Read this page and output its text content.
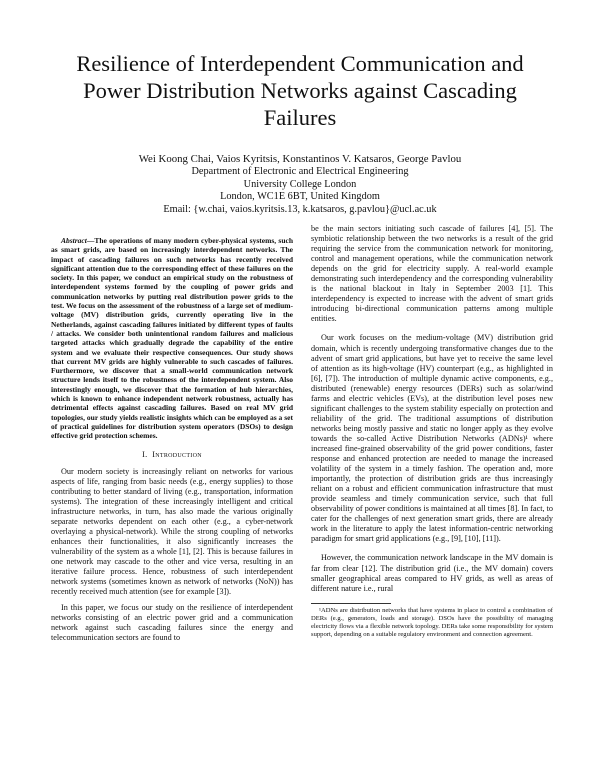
Resilience of Interdependent Communication and
Power Distribution Networks against Cascading
Failures
Wei Koong Chai, Vaios Kyritsis, Konstantinos V. Katsaros, George Pavlou
Department of Electronic and Electrical Engineering
University College London
London, WC1E 6BT, United Kingdom
Email: {w.chai, vaios.kyritsis.13, k.katsaros, g.pavlou}@ucl.ac.uk

Abstract—The operations of many modern cyber-physical systems, such as smart grids, are based on increasingly interdependent networks. The impact of cascading failures on such networks has recently received significant attention due to the corresponding effect of these failures on the society. In this paper, we conduct an empirical study on the robustness of interdependent systems formed by the coupling of power grids and communication networks by putting real distribution power grids to the test. We focus on the assessment of the robustness of a large set of medium-voltage (MV) distribution grids, currently operating live in the Netherlands, against cascading failures initiated by different types of faults / attacks. We consider both unintentional random failures and malicious targeted attacks which gradually degrade the capability of the entire system and we evaluate their respective consequences. Our study shows that current MV grids are highly vulnerable to such cascades of failures. Furthermore, we discover that a small-world communication network structure lends itself to the robustness of the interdependent system. Also interestingly enough, we discover that the formation of hub hierarchies, which is known to enhance independent network robustness, actually has detrimental effects against cascading failures. Based on real MV grid topologies, our study yields realistic insights which can be employed as a set of practical guidelines for distribution system operators (DSOs) to design effective grid protection schemes.

I. Introduction

Our modern society is increasingly reliant on networks for various aspects of life, ranging from basic needs (e.g., energy supplies) to those contributing to better standard of living (e.g., transportation, information systems). The integration of these increasingly intelligent and critical infrastructure networks, in turn, has also made the various originally separate networks dependent on each other (e.g., a cyber-network overlaying a physical-network). While the strong coupling of networks enhances their functionalities, it also significantly increases the vulnerability of the system as a whole [1], [2]. This is because failures in one network may cascade to the other and vice versa, resulting in an iterative failure process. Hence, robustness of such interdependent network systems (sometimes known as network of networks (NoN)) has recently received much attention (see for example [3]).

In this paper, we focus our study on the resilience of interdependent networks consisting of an electric power grid and a communication network against such cascading failures since the energy and telecommunication sectors are found to

be the main sectors initiating such cascade of failures [4], [5]. The symbiotic relationship between the two networks is a result of the grid requiring the service from the communication network for monitoring, control and management operations, while the communication network depends on the grid for electricity supply. A real-world example demonstrating such interdependency and the corresponding vulnerability is the national blackout in Italy in September 2003 [1]. This interdependency is expected to increase with the advent of smart grids introducing bi-directional communication patterns among multiple entities.

Our work focuses on the medium-voltage (MV) distribution grid domain, which is recently undergoing transformative changes due to the advent of smart grid applications, but have yet to receive the same level of attention as its high-voltage (HV) counterpart (e.g., as highlighted in [6], [7]). The introduction of multiple dynamic active components, e.g., distributed (renewable) energy resources (DERs) such as solar/wind farms and electric vehicles (EVs), at the distribution level poses new significant challenges to the system stability especially on protection and reliability of the grid. The traditional assumptions of distribution networks being mostly passive and static no longer apply as they evolve towards the so-called Active Distribution Networks (ADNs)¹ where increased fine-grained observability of the grid power conditions, faster response and enhanced protection are needed to manage the increased volatility of the system in a timely fashion. The operation and, more importantly, the protection of distribution grids are thus increasingly reliant on a robust and efficient communication infrastructure that must provide seamless and timely communication service, such that full observability of power conditions is maintained at all times [8]. In fact, to cater for the challenges of next generation smart grids, there are already work in the literature to apply the latest information-centric networking paradigm for smart grid applications (e.g., [9], [10], [11]).

However, the communication network landscape in the MV domain is far from clear [12]. The distribution grid (i.e., the MV domain) covers smaller geographical areas compared to HV grids, as well as areas of different nature i.e., rural

¹ADNs are distribution networks that have systems in place to control a combination of DERs (e.g., generators, loads and storage). DSOs have the possibility of managing electricity flows via a flexible network topology. DERs take some responsibility for system support, depending on a suitable regulatory environment and connection agreement.
